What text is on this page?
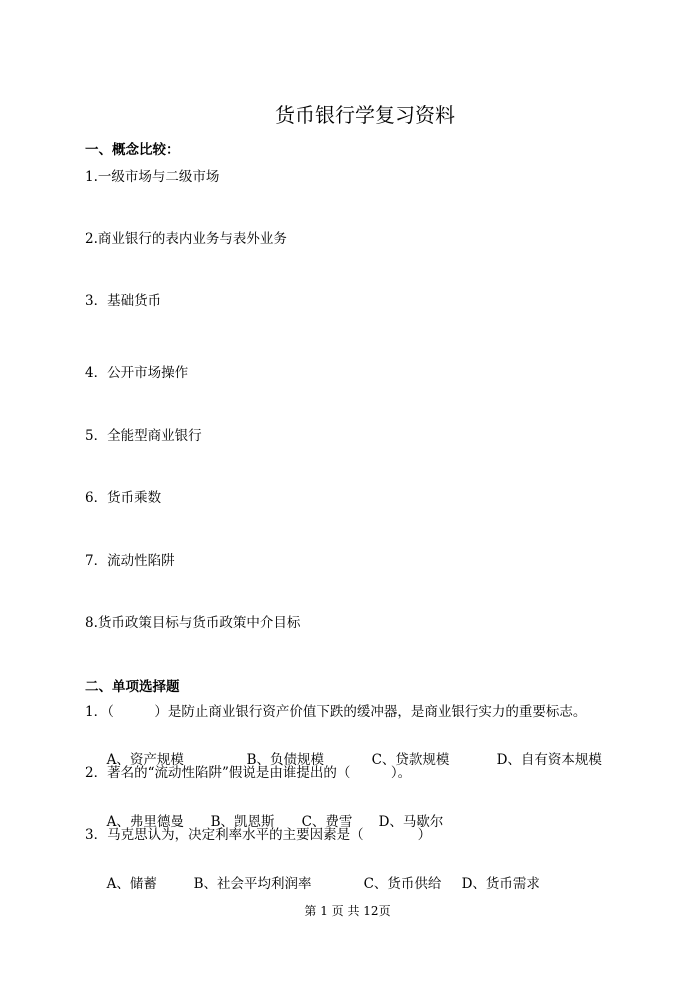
货币银行学复习资料
一、概念比较：
1.一级市场与二级市场
2.商业银行的表内业务与表外业务
3．基础货币
4．公开市场操作
5．全能型商业银行
6．货币乘数
7．流动性陷阱
8.货币政策目标与货币政策中介目标
二、单项选择题
1．（　　　）是防止商业银行资产价值下跌的缓冲器，是商业银行实力的重要标志。

A、资产规模	B、负债规模	C、贷款规模	D、自有资本规模

2．著名的“流动性陷阱”假说是由谁提出的（　　　）。

A、弗里德曼 B、凯恩斯 C、费雪 D、马歇尔

3．马克思认为，决定利率水平的主要因素是（　　　　）

A、储蓄	B、社会平均利润率	C、货币供给 D、货币需求

第 1 页 共 12页
